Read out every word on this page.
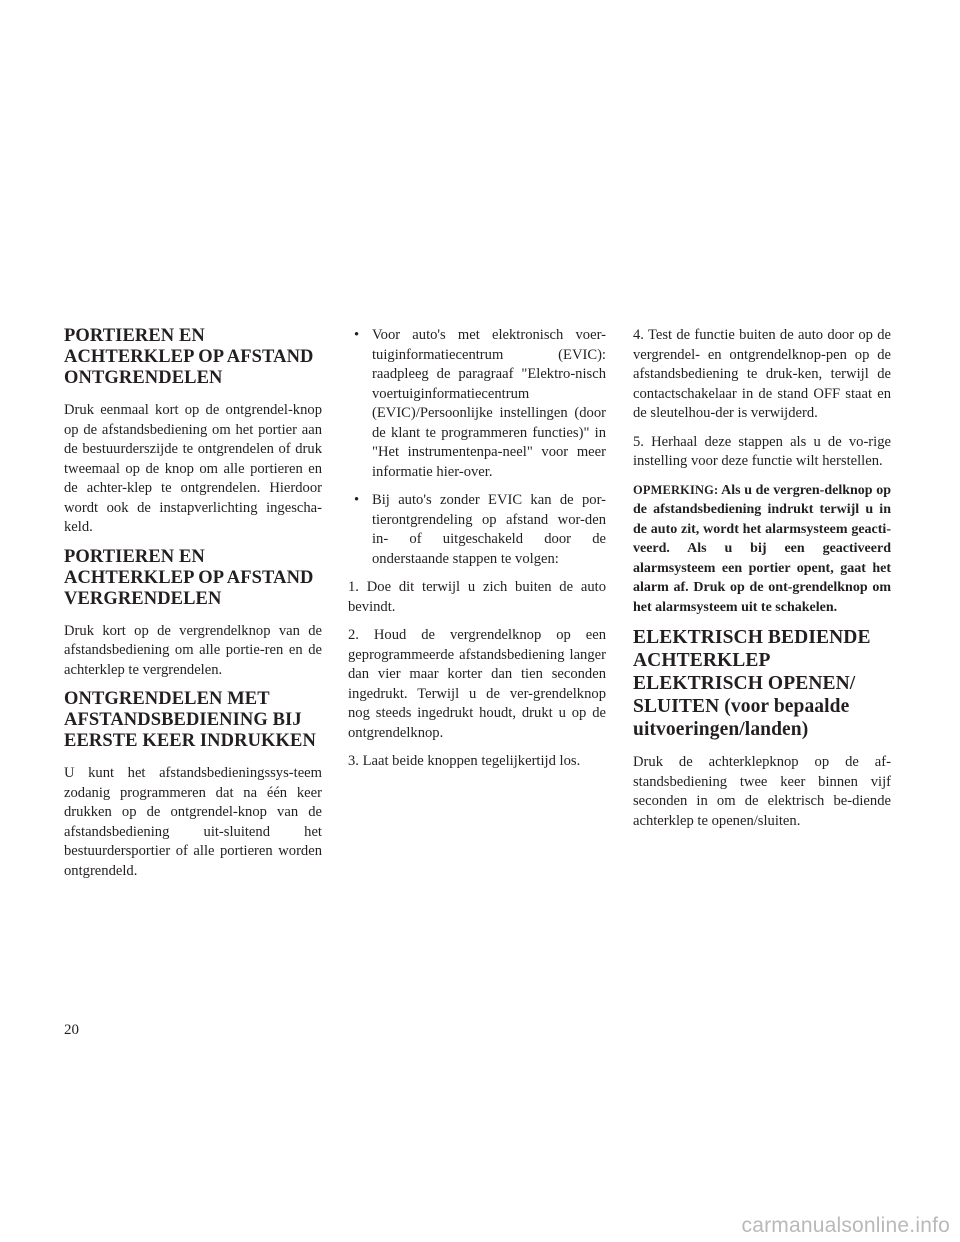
PORTIEREN EN ACHTERKLEP OP AFSTAND ONTGRENDELEN

Druk eenmaal kort op de ontgrendel-knop op de afstandsbediening om het portier aan de bestuurderszijde te ontgrendelen of druk tweemaal op de knop om alle portieren en de achter-klep te ontgrendelen. Hierdoor wordt ook de instapverlichting ingescha-keld.

PORTIEREN EN ACHTERKLEP OP AFSTAND VERGRENDELEN

Druk kort op de vergrendelknop van de afstandsbediening om alle portie-ren en de achterklep te vergrendelen.

ONTGRENDELEN MET AFSTANDSBEDIENING BIJ EERSTE KEER INDRUKKEN

U kunt het afstandsbedieningssys-teem zodanig programmeren dat na één keer drukken op de ontgrendel-knop van de afstandsbediening uit-sluitend het bestuurdersportier of alle portieren worden ontgrendeld.

• Voor auto's met elektronisch voer-tuiginformatiecentrum (EVIC): raadpleeg de paragraaf "Elektro-nisch voertuiginformatiecentrum (EVIC)/Persoonlijke instellingen (door de klant te programmeren functies)" in "Het instrumentenpa-neel" voor meer informatie hier-over.
• Bij auto's zonder EVIC kan de por-tierontgrendeling op afstand wor-den in- of uitgeschakeld door de onderstaande stappen te volgen:

1. Doe dit terwijl u zich buiten de auto bevindt.

2. Houd de vergrendelknop op een geprogrammeerde afstandsbediening langer dan vier maar korter dan tien seconden ingedrukt. Terwijl u de ver-grendelknop nog steeds ingedrukt houdt, drukt u op de ontgrendelknop.

3. Laat beide knoppen tegelijkertijd los.

4. Test de functie buiten de auto door op de vergrendel- en ontgrendelknop-pen op de afstandsbediening te druk-ken, terwijl de contactschakelaar in de stand OFF staat en de sleutelhou-der is verwijderd.

5. Herhaal deze stappen als u de vo-rige instelling voor deze functie wilt herstellen.

OPMERKING: Als u de vergren-delknop op de afstandsbediening indrukt terwijl u in de auto zit, wordt het alarmsysteem geacti-veerd. Als u bij een geactiveerd alarmsysteem een portier opent, gaat het alarm af. Druk op de ont-grendelknop om het alarmsysteem uit te schakelen.

ELEKTRISCH BEDIENDE ACHTERKLEP ELEKTRISCH OPENEN/ SLUITEN (voor bepaalde uitvoeringen/landen)

Druk de achterklepknop op de af-standsbediening twee keer binnen vijf seconden in om de elektrisch be-diende achterklep te openen/sluiten.

20
carmanualsonline.info
